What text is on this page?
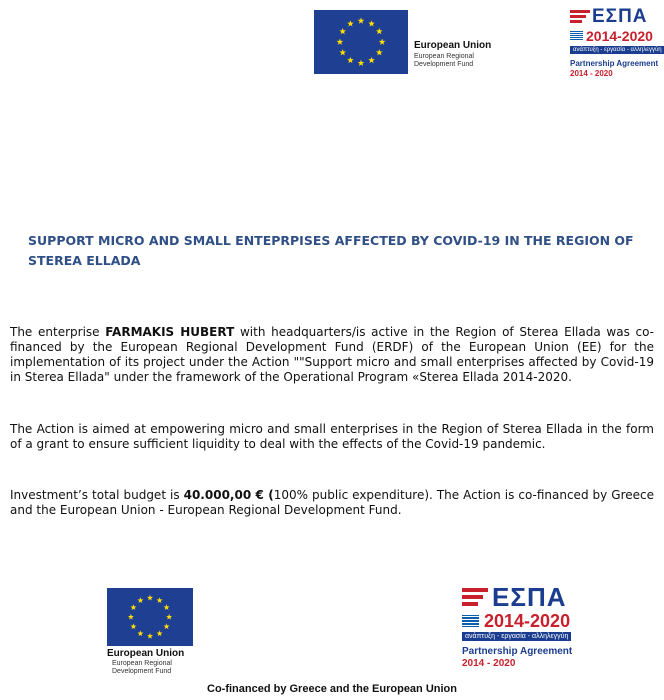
European Union
European Regional
Development Fund
ΕΣΠΑ
2014-2020
ανάπτυξη - εργασία - αλληλεγγύη
Partnership Agreement
2014 - 2020
SUPPORT MICRO AND SMALL ENTEPRPISES AFFECTED BY COVID-19 IN THE REGION OF
STEREA ELLADA
The enterprise FARMAKIS HUBERT with headquarters/is active in the Region of Sterea Ellada was co-financed by the European Regional Development Fund (ERDF) of the European Union (EE) for the implementation of its project under the Action ""Support micro and small enterprises affected by Covid-19 in Sterea Ellada" under the framework of the Operational Program «Sterea Ellada 2014-2020.
The Action is aimed at empowering micro and small enterprises in the Region of Sterea Ellada in the form of a grant to ensure sufficient liquidity to deal with the effects of the Covid-19 pandemic.
Investment’s total budget is 40.000,00 € (100% public expenditure). The Action is co-financed by Greece and the European Union - European Regional Development Fund.
European Union
European Regional
Development Fund
ΕΣΠΑ
2014-2020
ανάπτυξη - εργασία - αλληλεγγύη
Partnership Agreement
2014 - 2020
Co-financed by Greece and the European Union
